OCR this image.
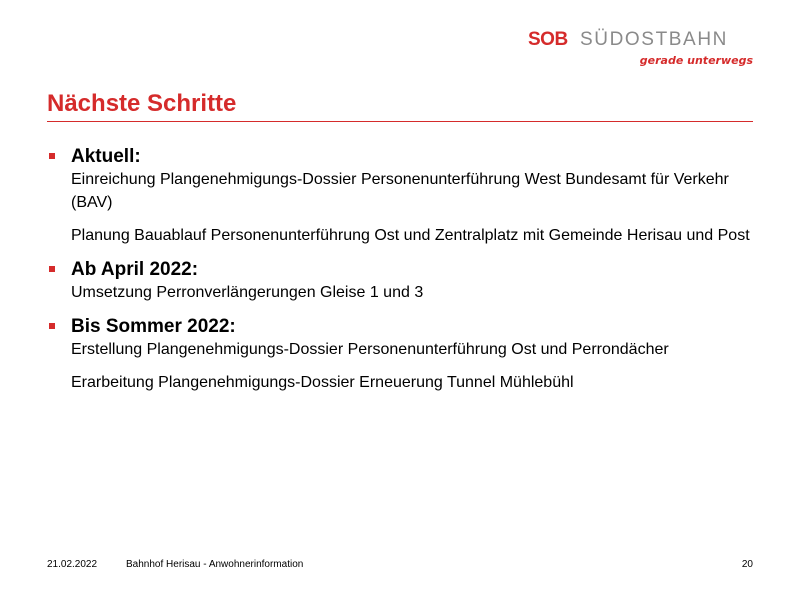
SOB SÜDOSTBAHN
gerade unterwegs
Nächste Schritte
Aktuell:

Einreichung Plangenehmigungs-Dossier Personenunterführung West Bundesamt für Verkehr (BAV)

Planung Bauablauf Personenunterführung Ost und Zentralplatz mit Gemeinde Herisau und Post

Ab April 2022:

Umsetzung Perronverlängerungen Gleise 1 und 3

Bis Sommer 2022:

Erstellung Plangenehmigungs-Dossier Personenunterführung Ost und Perrondächer

Erarbeitung Plangenehmigungs-Dossier Erneuerung Tunnel Mühlebühl

21.02.2022	Bahnhof Herisau - Anwohnerinformation	20
